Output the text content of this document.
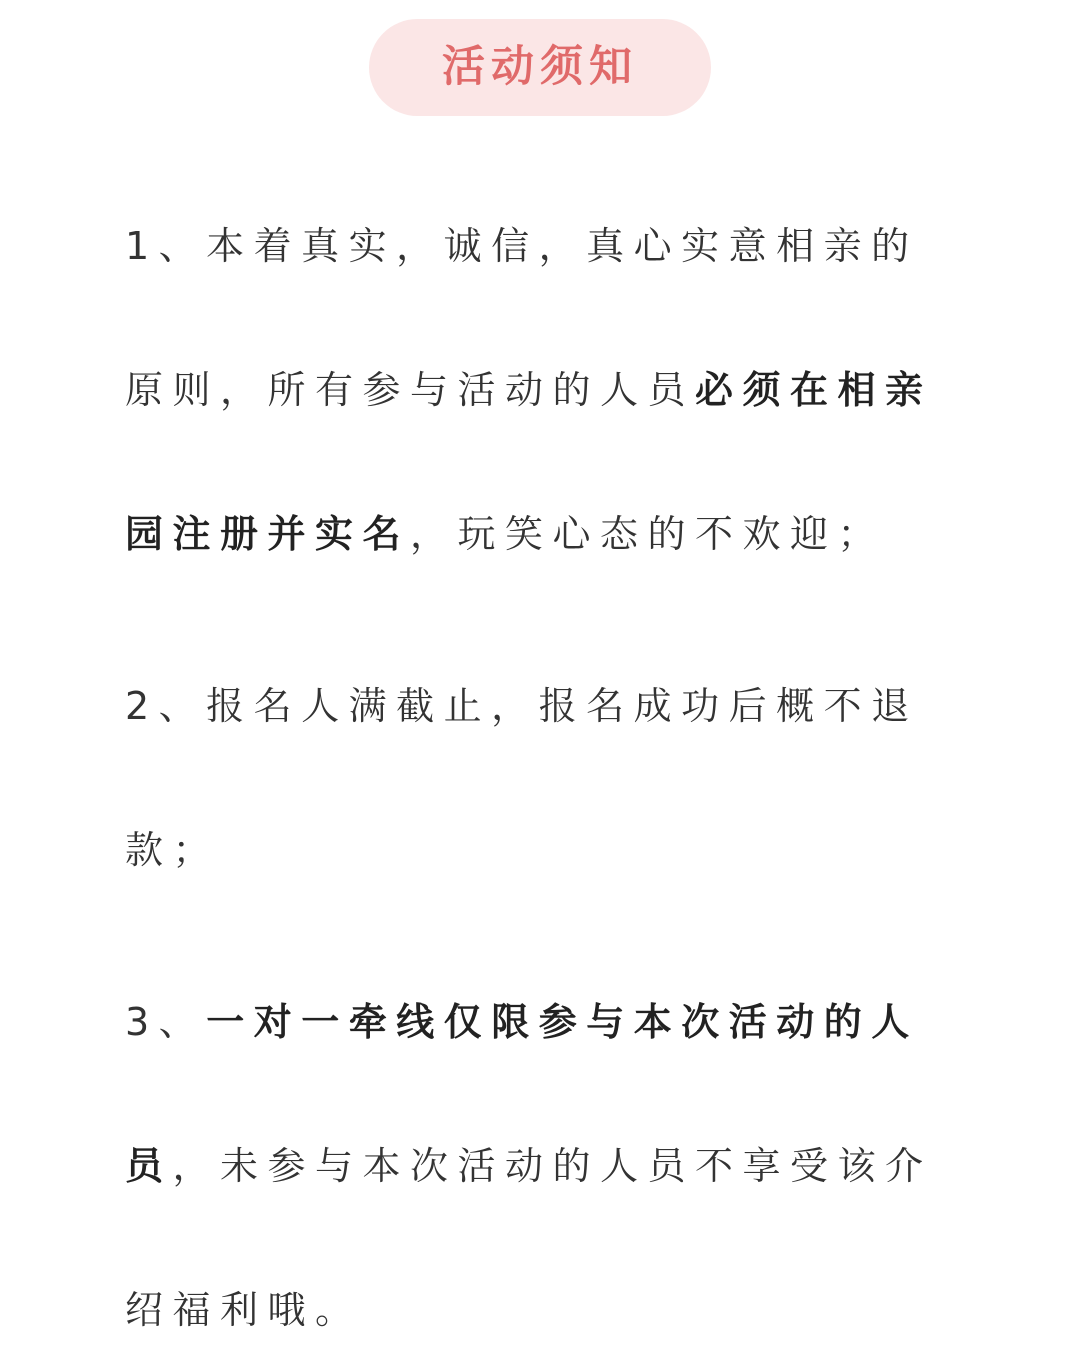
活动须知
1、本着真实，诚信，真心实意相亲的
原则，所有参与活动的人员必须在相亲
园注册并实名，玩笑心态的不欢迎；
2、报名人满截止，报名成功后概不退
款；
3、一对一牵线仅限参与本次活动的人
员，未参与本次活动的人员不享受该介
绍福利哦。
